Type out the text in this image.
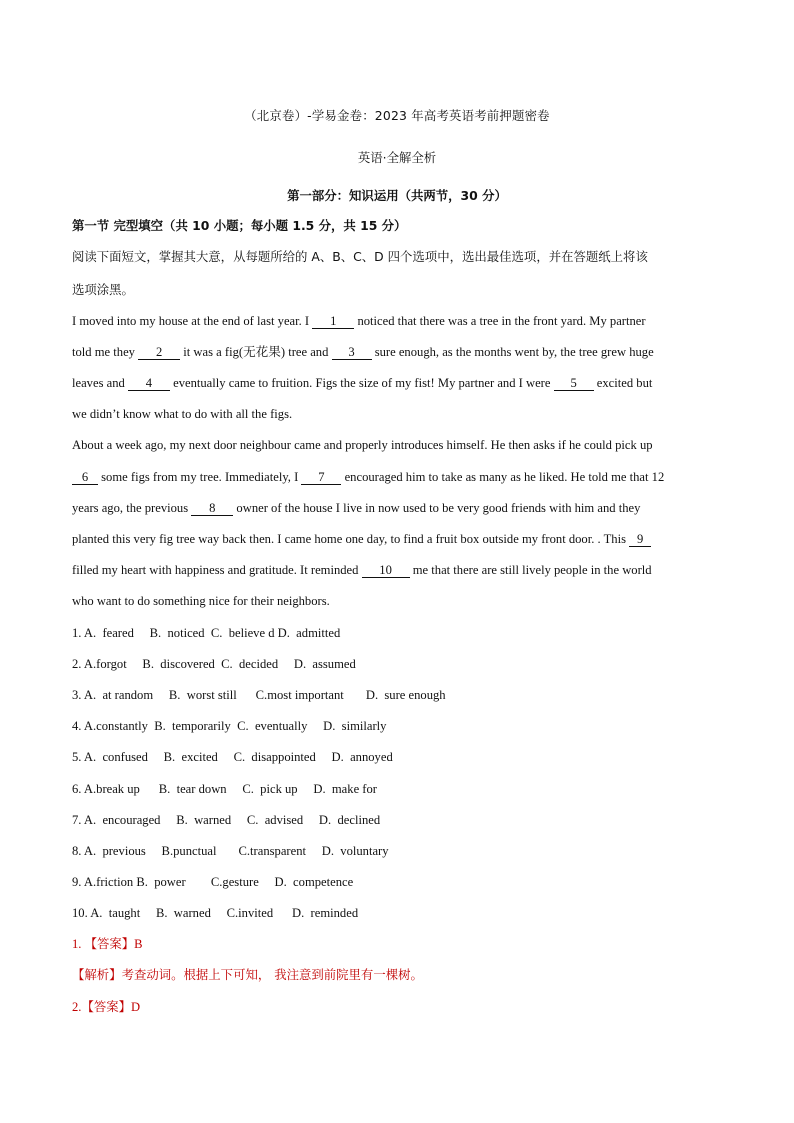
（北京卷）-学易金卷：2023 年高考英语考前押题密卷
英语·全解全析
第一部分：知识运用（共两节，30 分）
第一节 完型填空（共 10 小题；每小题 1.5 分，共 15 分）
阅读下面短文，掌握其大意，从每题所给的 A、B、C、D 四个选项中，选出最佳选项，并在答题纸上将该
选项涂黑。
I moved into my house at the end of last year. I 1 noticed that there was a tree in the front yard. My partner
told me they 2 it was a fig(无花果) tree and 3 sure enough, as the months went by, the tree grew huge
leaves and 4 eventually came to fruition. Figs the size of my fist! My partner and I were 5 excited but
we didn’t know what to do with all the figs.
About a week ago, my next door neighbour came and properly introduces himself. He then asks if he could pick up
6 some figs from my tree. Immediately, I 7 encouraged him to take as many as he liked. He told me that 12
years ago, the previous 8 owner of the house I live in now used to be very good friends with him and they
planted this very fig tree way back then. I came home one day, to find a fruit box outside my front door. . This 9
filled my heart with happiness and gratitude. It reminded 10 me that there are still lively people in the world
who want to do something nice for their neighbors.
1. A.  feared     B.  noticed  C.  believe d D.  admitted
2. A.forgot     B.  discovered  C.  decided     D.  assumed
3. A.  at random     B.  worst still      C.most important       D.  sure enough
4. A.constantly  B.  temporarily  C.  eventually     D.  similarly
5. A.  confused     B.  excited     C.  disappointed     D.  annoyed
6. A.break up      B.  tear down     C.  pick up     D.  make for
7. A.  encouraged     B.  warned     C.  advised     D.  declined
8. A.  previous     B.punctual       C.transparent     D.  voluntary
9. A.friction B.  power        C.gesture     D.  competence
10. A.  taught     B.  warned     C.invited      D.  reminded
1. 【答案】B
【解析】考查动词。根据上下可知， 我注意到前院里有一棵树。
2.【答案】D
